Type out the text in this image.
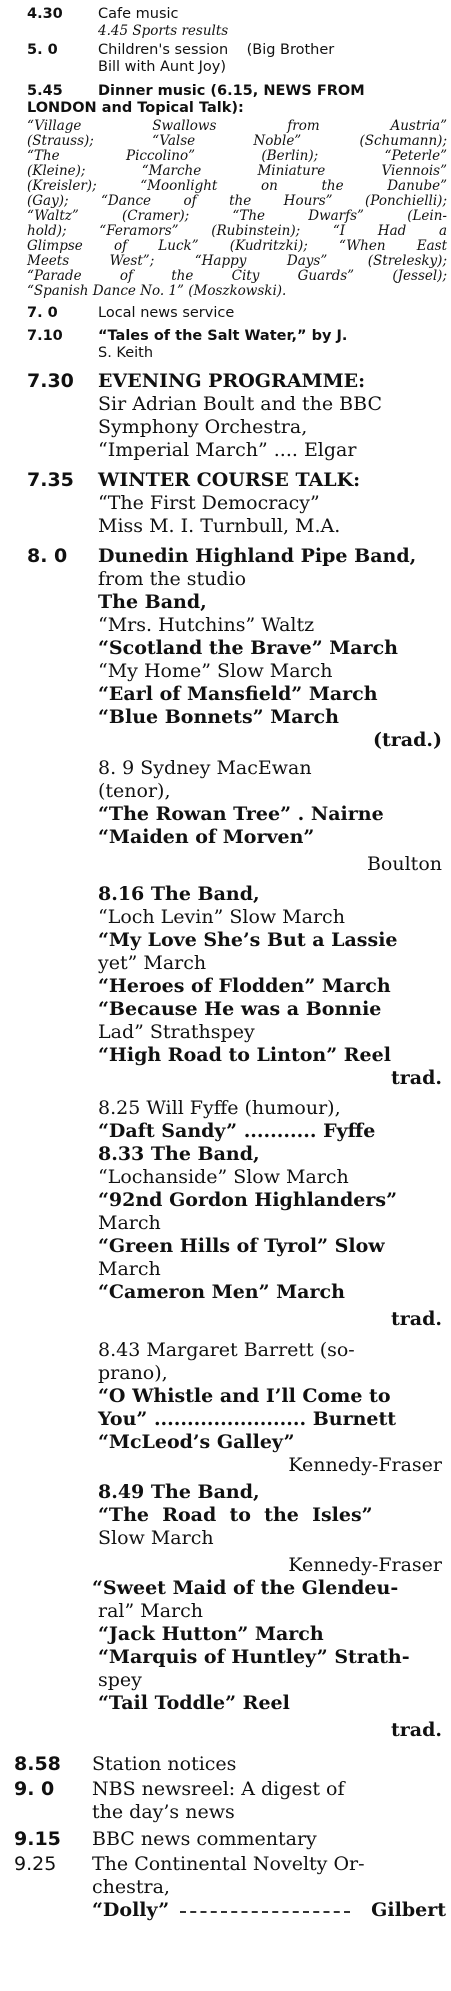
4.30 Cafe music
4.45 Sports results
5. 0	Children's session    (Big Brother
Bill with Aunt Joy)
5.45 Dinner music (6.15, NEWS FROM
LONDON and Topical Talk):
“Village Swallows from Austria”
(Strauss); “Valse Noble” (Schumann);
“The Piccolino” (Berlin); “Peterle”
(Kleine); “Marche Miniature Viennois”
(Kreisler); “Moonlight on the Danube”
(Gay); “Dance of the Hours” (Ponchielli);
“Waltz” (Cramer); “The Dwarfs” (Lein-
hold); “Feramors” (Rubinstein); “I Had a
Glimpse of Luck” (Kudritzki); “When East
Meets West”; “Happy Days” (Strelesky);
“Parade of the City Guards” (Jessel);
“Spanish Dance No. 1” (Moszkowski).
7. 0	Local news service
7.10 “Tales of the Salt Water,” by J.
S. Keith
7.30 EVENING PROGRAMME:
Sir Adrian Boult and the BBC
Symphony Orchestra,
“Imperial March” .... Elgar
7.35 WINTER COURSE TALK:
“The First Democracy”
Miss M. I. Turnbull, M.A.
8. 0 Dunedin Highland Pipe Band,
from the studio
The Band,
“Mrs. Hutchins” Waltz
“Scotland the Brave” March
“My Home” Slow March
“Earl of Mansfield” March
“Blue Bonnets” March
(trad.)
8. 9 Sydney MacEwan
(tenor),
“The Rowan Tree” . Nairne
“Maiden of Morven”
Boulton
8.16 The Band,
“Loch Levin” Slow March
“My Love She’s But a Lassie
yet” March
“Heroes of Flodden” March
“Because He was a Bonnie
Lad” Strathspey
“High Road to Linton” Reel
trad.
8.25 Will Fyffe (humour),
“Daft Sandy” ........... Fyffe
8.33 The Band,
“Lochanside” Slow March
“92nd Gordon Highlanders”
March
“Green Hills of Tyrol” Slow
March
“Cameron Men” March
trad.
8.43 Margaret Barrett (so-
prano),
“O Whistle and I’ll Come to
You” ....................... Burnett
“McLeod’s Galley”
Kennedy-Fraser
8.49 The Band,
“The  Road  to  the  Isles”
Slow March
Kennedy-Fraser
“Sweet Maid of the Glendeu-
ral” March
“Jack Hutton” March
“Marquis of Huntley” Strath-
spey
“Tail Toddle” Reel
trad.
8.58 Station notices
9. 0 NBS newsreel: A digest of
the day’s news
9.15 BBC news commentary
9.25 The Continental Novelty Or-
chestra,
“Dolly”	Gilbert
